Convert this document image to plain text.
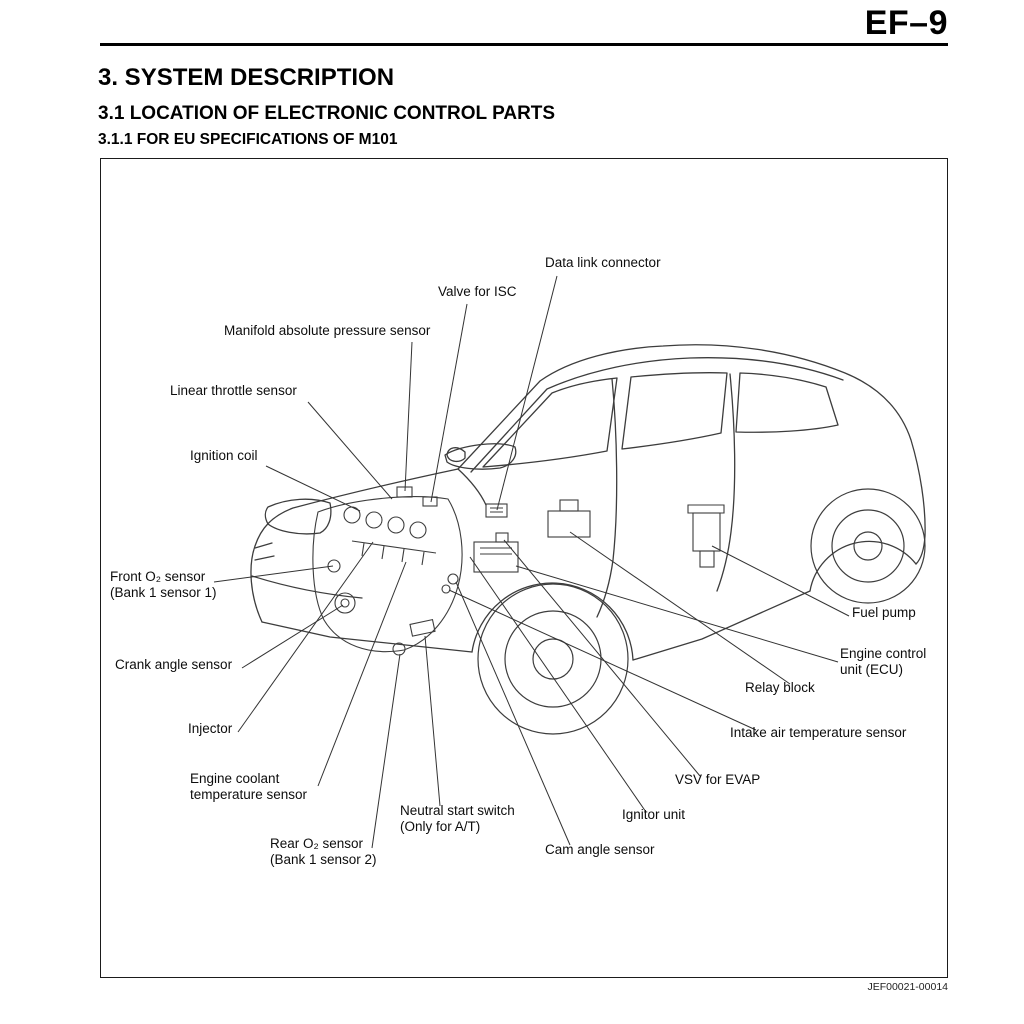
EF–9
3. SYSTEM DESCRIPTION
3.1 LOCATION OF ELECTRONIC CONTROL PARTS
3.1.1 FOR EU SPECIFICATIONS OF M101
Data link connector
Valve for ISC
Manifold absolute pressure sensor
Linear throttle sensor
Ignition coil
Front O₂ sensor
(Bank 1 sensor 1)
Crank angle sensor
Injector
Engine coolant
temperature sensor
Neutral start switch
(Only for A/T)
Rear O₂ sensor
(Bank 1 sensor 2)
Cam angle sensor
Ignitor unit
VSV for EVAP
Intake air temperature sensor
Relay block
Engine control
unit (ECU)
Fuel pump
JEF00021-00014
